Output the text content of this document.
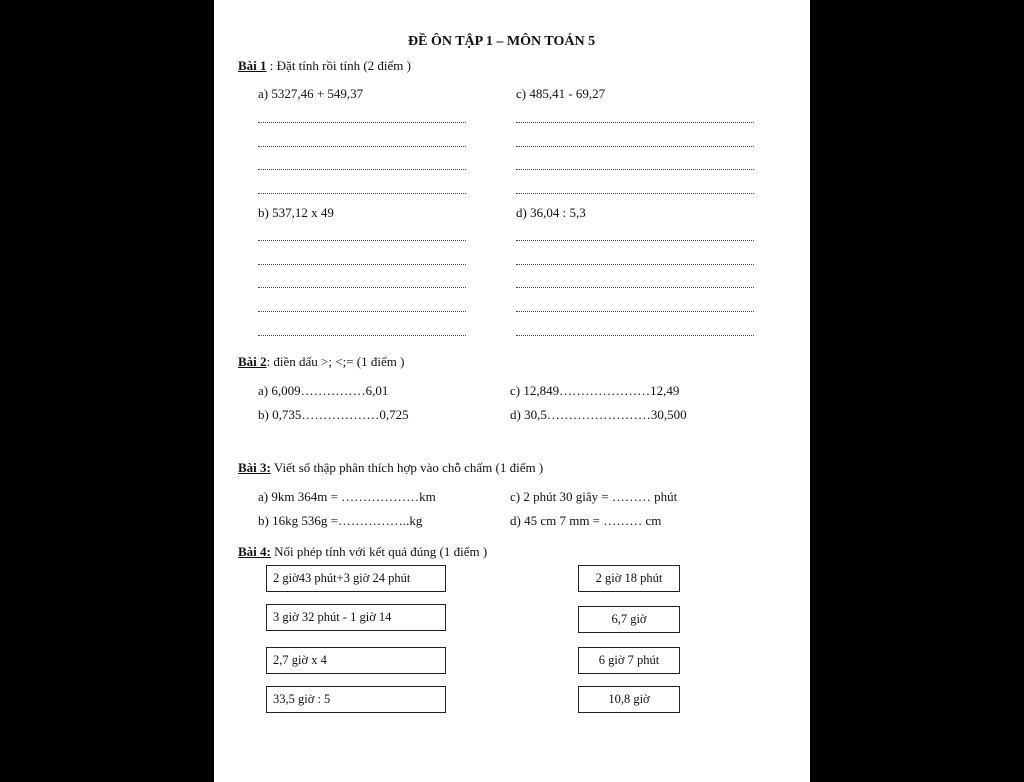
ĐỀ ÔN TẬP 1 – MÔN TOÁN 5
Bài 1 : Đặt tính rồi tính (2 điểm )
a) 5327,46 + 549,37	c) 485,41 - 69,27
b) 537,12 x 49	d) 36,04 : 5,3
Bài 2: điền dấu >; <;= (1 điểm )
a) 6,009……………6,01	c) 12,849…………………12,49
b) 0,735………………0,725	d) 30,5……………………30,500
Bài 3: Viết số thập phân thích hợp vào chỗ chấm (1 điểm )
a) 9km 364m = ………………km	c) 2 phút 30 giây = ……… phút
b) 16kg 536g =……………..kg	d) 45 cm 7 mm = ……… cm
Bài 4: Nối phép tính với kết quả đúng (1 điểm )
2 giờ43 phút+3 giờ 24 phút
3 giờ 32 phút - 1 giờ 14
2,7 giờ x 4
33,5 giờ : 5
2 giờ 18 phút
6,7 giờ
6 giờ 7 phút
10,8 giờ
